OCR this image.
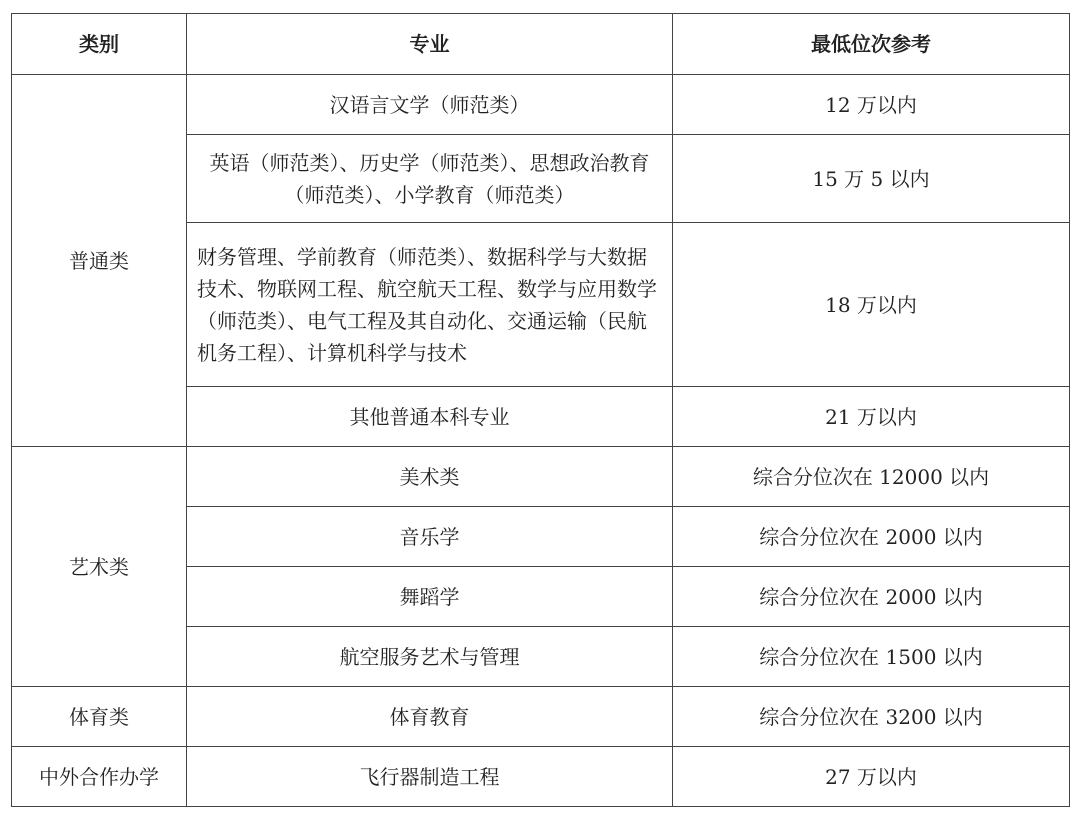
类别	专业	最低位次参考
普通类	汉语言文学（师范类）	12 万以内
	英语（师范类）、历史学（师范类）、思想政治教育（师范类）、小学教育（师范类）	15 万 5 以内
	财务管理、学前教育（师范类）、数据科学与大数据技术、物联网工程、航空航天工程、数学与应用数学（师范类）、电气工程及其自动化、交通运输（民航机务工程）、计算机科学与技术	18 万以内
	其他普通本科专业	21 万以内
艺术类	美术类	综合分位次在 12000 以内
	音乐学	综合分位次在 2000 以内
	舞蹈学	综合分位次在 2000 以内
	航空服务艺术与管理	综合分位次在 1500 以内
体育类	体育教育	综合分位次在 3200 以内
中外合作办学	飞行器制造工程	27 万以内
